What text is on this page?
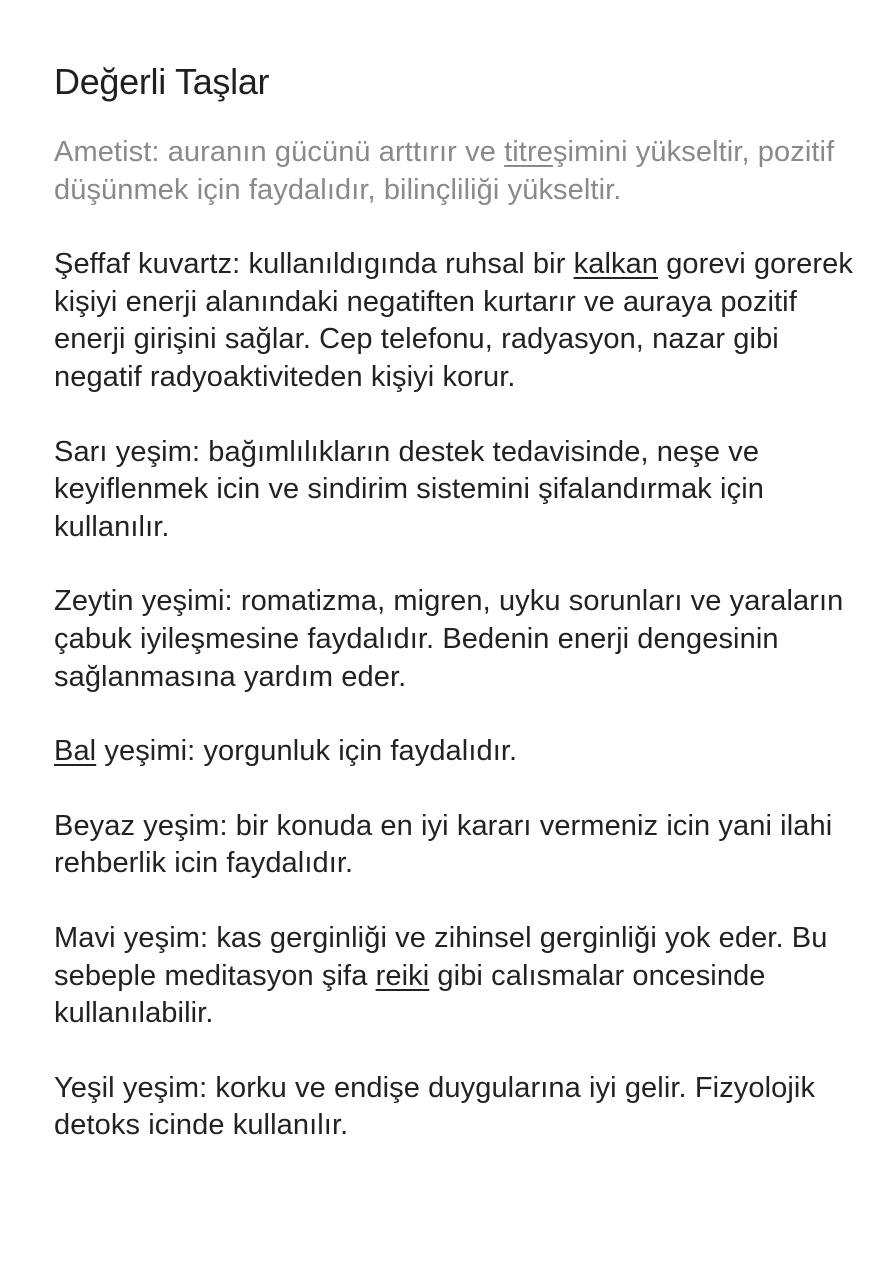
Değerli Taşlar

Ametist: auranın gücünü arttırır ve titreşimini yükseltir, pozitif düşünmek için faydalıdır, bilinçliliği yükseltir.

Şeffaf kuvartz: kullanıldıgında ruhsal bir kalkan gorevi gorerek kişiyi enerji alanındaki negatiften kurtarır ve auraya pozitif enerji girişini sağlar. Cep telefonu, radyasyon, nazar gibi negatif radyoaktiviteden kişiyi korur.

Sarı yeşim: bağımlılıkların destek tedavisinde, neşe ve keyiflenmek icin ve sindirim sistemini şifalandırmak için kullanılır.

Zeytin yeşimi: romatizma, migren, uyku sorunları ve yaraların çabuk iyileşmesine faydalıdır. Bedenin enerji dengesinin sağlanmasına yardım eder.

Bal yeşimi: yorgunluk için faydalıdır.

Beyaz yeşim: bir konuda en iyi kararı vermeniz icin yani ilahi rehberlik icin faydalıdır.

Mavi yeşim: kas gerginliği ve zihinsel gerginliği yok eder. Bu sebeple meditasyon şifa reiki gibi calısmalar oncesinde kullanılabilir.

Yeşil yeşim: korku ve endişe duygularına iyi gelir. Fizyolojik detoks icinde kullanılır.
